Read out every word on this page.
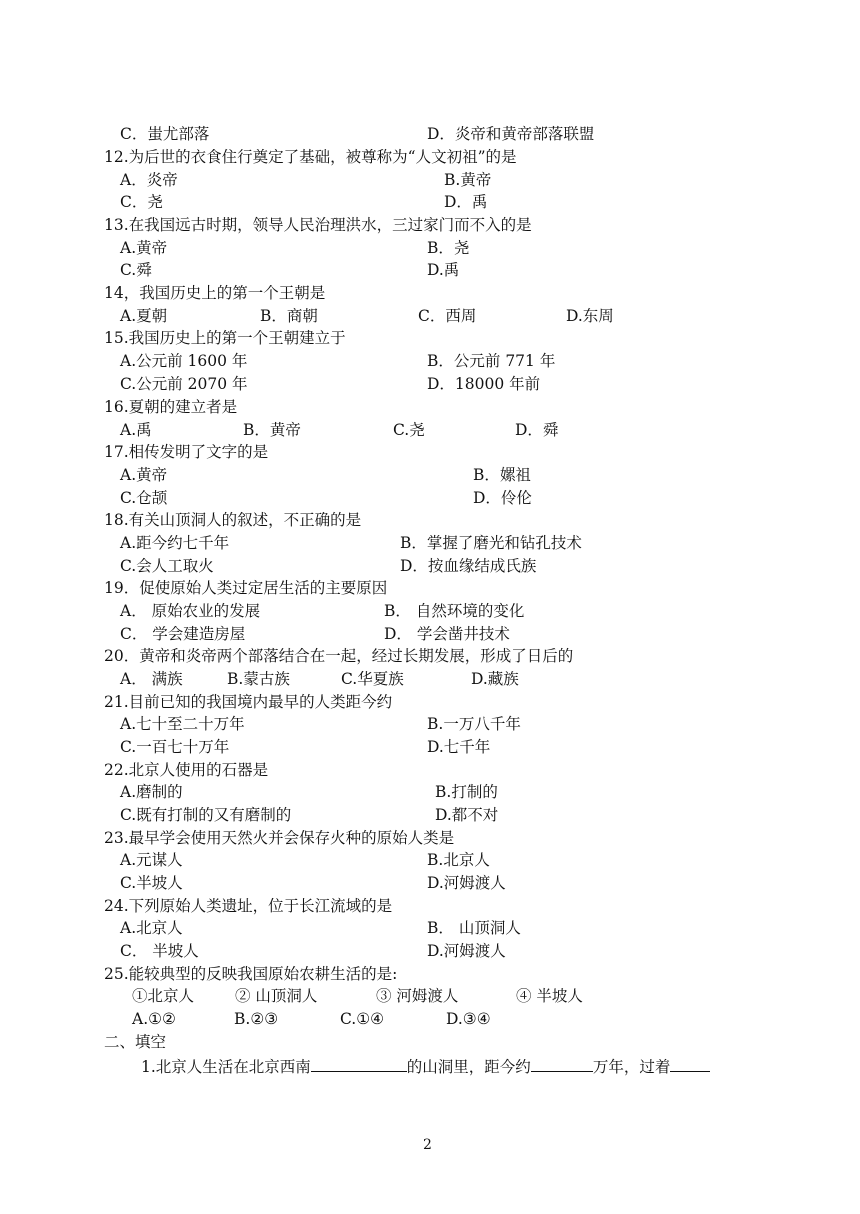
C．蚩尤部落	D．炎帝和黄帝部落联盟
12.为后世的衣食住行奠定了基础，被尊称为“人文初祖”的是
A．炎帝	B.黄帝
C．尧	D．禹
13.在我国远古时期，领导人民治理洪水，三过家门而不入的是
A.黄帝	B．尧
C.舜	D.禹
14，我国历史上的第一个王朝是
A.夏朝	B．商朝	C．西周	D.东周
15.我国历史上的第一个王朝建立于
A.公元前 1600 年	B．公元前 771 年
C.公元前 2070 年	D．18000 年前
16.夏朝的建立者是
A.禹	B．黄帝	C.尧	D．舜
17.相传发明了文字的是
A.黄帝	B．嫘祖
C.仓颉	D．伶伦
18.有关山顶洞人的叙述，不正确的是
A.距今约七千年	B．掌握了磨光和钻孔技术
C.会人工取火	D．按血缘结成氏族
19．促使原始人类过定居生活的主要原因
A． 原始农业的发展	B． 自然环境的变化
C． 学会建造房屋	D． 学会凿井技术
20．黄帝和炎帝两个部落结合在一起，经过长期发展，形成了日后的
A． 满族	B.蒙古族	C.华夏族	D.藏族
21.目前已知的我国境内最早的人类距今约
A.七十至二十万年	B.一万八千年
C.一百七十万年	D.七千年
22.北京人使用的石器是
A.磨制的	B.打制的
C.既有打制的又有磨制的	D.都不对
23.最早学会使用天然火并会保存火种的原始人类是
A.元谋人	B.北京人
C.半坡人	D.河姆渡人
24.下列原始人类遗址，位于长江流域的是
A.北京人	B． 山顶洞人
C． 半坡人	D.河姆渡人
25.能较典型的反映我国原始农耕生活的是:
①北京人	② 山顶洞人	③ 河姆渡人	④ 半坡人
A.①②	B.②③	C.①④	D.③④
二、填空
1.北京人生活在北京西南	的山洞里，距今约	万年，过着
2
